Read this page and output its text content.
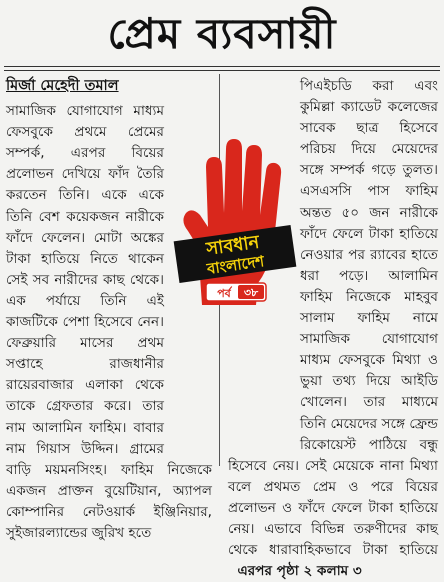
প্রেম ব্যবসায়ী

মির্জা মেহেদী তমাল

সামাজিক যোগাযোগ মাধ্যম ফেসবুকে প্রথমে প্রেমের সম্পর্ক, এরপর বিয়ের প্রলোভন দেখিয়ে ফাঁদ তৈরি করতেন তিনি। একে একে তিনি বেশ কয়েকজন নারীকে ফাঁদে ফেলেন। মোটা অঙ্কের টাকা হাতিয়ে নিতে থাকেন সেই সব নারীদের কাছ থেকে। এক পর্যায়ে তিনি এই কাজটিকে পেশা হিসেবে নেন। ফেব্রুয়ারি মাসের প্রথম সপ্তাহে রাজধানীর রায়েরবাজার এলাকা থেকে তাকে গ্রেফতার করে। তার নাম আলামিন ফাহিম। বাবার নাম গিয়াস উদ্দিন। গ্রামের বাড়ি ময়মনসিংহ। ফাহিম নিজেকে একজন প্রাক্তন বুয়েটিয়ান, অ্যাপল কোম্পানির নেটওয়ার্ক ইঞ্জিনিয়ার, সুইজারল্যান্ডের জুরিখ হতে

পিএইচডি করা এবং কুমিল্লা ক্যাডেট কলেজের সাবেক ছাত্র হিসেবে পরিচয় দিয়ে মেয়েদের সঙ্গে সম্পর্ক গড়ে তুলত। এসএসসি পাস ফাহিম অন্তত ৫০ জন নারীকে ফাঁদে ফেলে টাকা হাতিয়ে নেওয়ার পর র‍্যাবের হাতে ধরা পড়ে। আলামিন ফাহিম নিজেকে মাহবুব সালাম ফাহিম নামে সামাজিক যোগাযোগ মাধ্যম ফেসবুকে মিথ্যা ও ভুয়া তথ্য দিয়ে আইডি খোলেন। তার মাধ্যমে তিনি মেয়েদের সঙ্গে ফ্রেন্ড রিকোয়েস্ট পাঠিয়ে বন্ধু হিসেবে নেয়। সেই মেয়েকে নানা মিথ্যা বলে প্রথমত প্রেম ও পরে বিয়ের প্রলোভন ও ফাঁদে ফেলে টাকা হাতিয়ে নেয়। এভাবে বিভিন্ন তরুণীদের কাছ থেকে ধারাবাহিকভাবে টাকা হাতিয়ে   এরপর পৃষ্ঠা ২ কলাম ৩

সাবধান
বাংলাদেশ
পর্ব ৩৮
